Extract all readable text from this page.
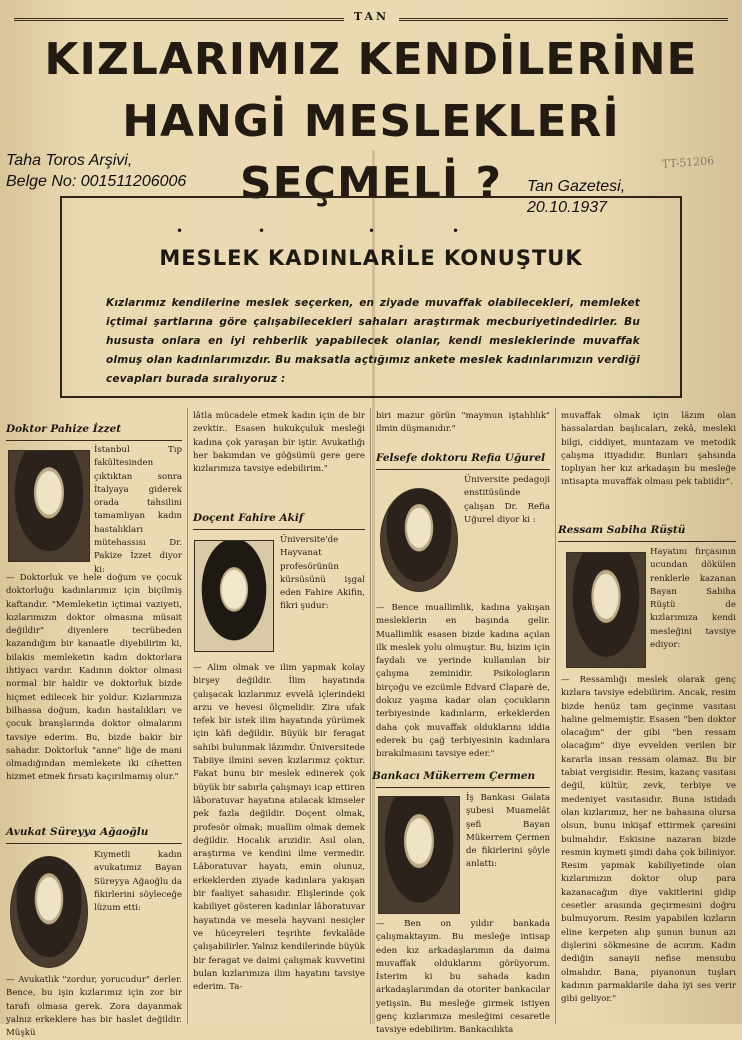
TAN
KIZLARIMIZ KENDİLERİNE
HANGİ MESLEKLERİ
SEÇMELİ ?
Taha Toros Arşivi,
Belge No: 001511206006	Tan Gazetesi,
20.10.1937
TT-51206
•	•	•	•
MESLEK KADINLARİLE KONUŞTUK
Kızlarımız kendilerine meslek seçerken, en ziyade muvaffak olabilecekleri, memleket içtimai şartlarına göre çalışabilecekleri sahaları araştırmak mecburiyetindedirler. Bu hususta onlara en iyi rehberlik yapabilecek olanlar, kendi mesleklerinde muvaffak olmuş olan kadınlarımızdır. Bu maksatla açtığımız ankete meslek kadınlarımızın verdiği cevapları burada sıralıyoruz :
Doktor Pahize İzzet
İstanbul Tıp fakültesinden çıktıktan sonra İtalyaya giderek orada tahsilini tamamlıyan kadın hastalıkları mütehassısı Dr. Pakize İzzet diyor ki:
— Doktorluk ve hele doğum ve çocuk doktorluğu kadınlarımız için biçilmiş kaftandır. "Memleketin içtimai vaziyeti, kızlarımızın doktor olmasına müsait değildir" diyenlere tecrübeden kazandığım bir kanaatle diyebilirim ki, bilakis memleketin kadın doktorlara ihtiyacı vardır. Kadının doktor olması normal bir haldir ve doktorluk bizde hiçmet edilecek bir yoldur. Kızlarımıza bilhassa doğum, kadın hastalıkları ve çocuk branşlarında doktor olmalarını tavsiye ederim. Bu, bizde bakir bir sahadır. Doktorluk "anne" liğe de mani olmadığından memlekete iki cihetten hizmet etmek fırsatı kaçırılmamış olur."
Avukat Süreyya Ağaoğlu
Kıymetli kadın avukatımız Bayan Süreyya Ağaoğlu da fikirlerini söyleceğe lüzum etti:
— Avukatlık "zordur, yorucudur" derler. Bence, bu işin kızlarımız için zor bir tarafı olmasa gerek. Zora dayanmak yalnız erkeklere has bir haslet değildir. Müşkü
lâtla mücadele etmek kadın için de bir zevktir.. Esasen hukukçuluk mesleği kadına çok yaraşan bir iştir. Avukatlığı her bakımdan ve göğsümü gere gere kızlarımıza tavsiye edebilirim."
Doçent Fahire Akif
Üniversite'de Hayvanat profesörünün kürsüsünü işgal eden Fahire Akifin, fikri şudur:
— Alim olmak ve ilim yapmak kolay birşey değildir. İlim hayatında çalışacak kızlarımız evvelâ içlerindeki arzu ve hevesi ölçmelidir. Zira ufak tefek bir istek ilim hayatında yürümek için kâfi değildir. Büyük bir feragat sahibi bulunmak lâzımdır. Üniversitede Tabiiye ilmini seven kızlarımız çoktur. Fakat bunu bir meslek edinerek çok büyük bir sabırla çalışmayı icap ettiren lâboratuvar hayatına atılacak kimseler pek fazla değildir. Doçent olmak, profesör olmak; muallim olmak demek değildir. Hocalık arızidir. Asıl olan, araştırma ve kendini ilme vermedir. Lâboratuvar hayatı, emin olunuz, erkeklerden ziyade kadınlara yakışan bir faaliyet sahasıdır. Elişlerinde çok kabiliyet gösteren kadınlar lâboratuvar hayatında ve mesela hayvani nesiçler ve hüceyreleri teşrihte fevkalâde çalışabilirler. Yalnız kendilerinde büyük bir feragat ve daimi çalışmak kuvvetini bulan kızlarımıza ilim hayatını tavsiye ederim. Ta-
biri mazur görün "maymun iştahlılık" ilmin düşmanıdır."
Felsefe doktoru Refia Uğurel
Üniversite pedagoji enstitüsünde çalışan Dr. Refia Uğurel diyor ki :
— Bence muallimlik, kadına yakışan mesleklerin en başında gelir. Muallimlik esasen bizde kadına açılan ilk meslek yolu olmuştur. Bu, bizim için faydalı ve yerinde kullanılan bir çalışma zeminidir. Psikologların birçoğu ve ezcümle Edvard Claparè de, dokuz yaşına kadar olan çocukların terbiyesinde kadınların, erkeklerden daha çok muvaffak olduklarını iddia ederek bu çağ terbiyesinin kadınlara bırakılmasını tavsiye eder."
Bankacı Mükerrem Çermen
İş Bankası Galata şubesi Muamelât şefi Bayan Mükerrem Çermen de fikirlerini şöyle anlattı:
— Ben on yıldır bankada çalışmaktayım. Bu mesleğe intisap eden kız arkadaşlarımın da daima muvaffak olduklarını görüyorum. İsterim ki bu sahada kadın arkadaşlarımdan da otoriter bankacılar yetişsin. Bu mesleğe girmek istiyen genç kızlarımıza mesleğimi cesaretle tavsiye edebilirim. Bankacılıkta
muvaffak olmak için lâzım olan hassalardan başlıcaları, zekâ, mesleki bilgi, ciddiyet, muntazam ve metodik çalışma itiyadıdır. Bunları şahsında toplıyan her kız arkadaşın bu mesleğe intisapta muvaffak olması pek tabiidir".
Ressam Sabiha Rüştü
Hayatını fırçasının ucundan dökülen renklerle kazanan Bayan Sabiha Rüştü de kızlarımıza kendi mesleğini tavsiye ediyor:
— Ressamlığı meslek olarak genç kızlara tavsiye edebilirim. Ancak, resim bizde henüz tam geçinme vasıtası haline gelmemiştir. Esasen "ben doktor olacağım" der gibi "ben ressam olacağım" diye evvelden verilen bir kararla insan ressam olamaz. Bu bir tabiat vergisidir. Resim, kazanç vasıtası değil, kültür, zevk, terbiye ve medeniyet vasıtasıdır. Buna istidadı olan kızlarımız, her ne bahasına olursa olsun, bunu inkişaf ettirmek çaresini bulmalıdır. Eskisine nazaran bizde resmin kıymeti şimdi daha çok biliniyor. Resim yapmak kabiliyetinde olan kızlarımızın doktor olup para kazanacağım diye vakitlerini gidip cesetler arasında geçirmesini doğru bulmuyorum. Resim yapabilen kızların eline kerpeten alıp şunun bunun azı dişlerini sökmesine de acırım. Kadın dediğin sanayii nefise mensubu olmalıdır. Bana, piyanonun tuşları kadının parmaklarile daha iyi ses verir gibi geliyor."
